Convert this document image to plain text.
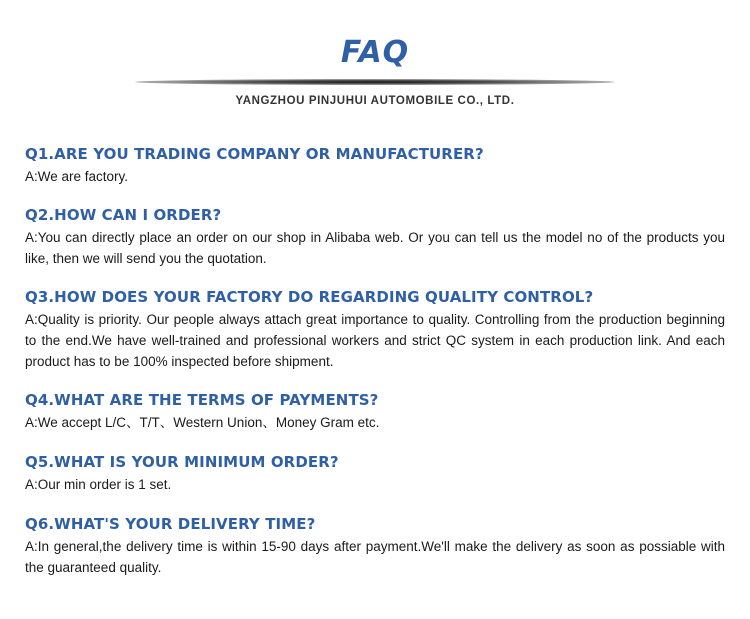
FAQ
YANGZHOU PINJUHUI AUTOMOBILE CO., LTD.
Q1.ARE YOU TRADING COMPANY OR MANUFACTURER?
A:We are factory.
Q2.HOW CAN I ORDER?
A:You can directly place an order on our shop in Alibaba web. Or you can tell us the model no of the products you like, then we will send you the quotation.
Q3.HOW DOES YOUR FACTORY DO REGARDING QUALITY CONTROL?
A:Quality is priority. Our people always attach great importance to quality. Controlling from the production beginning to the end.We have well-trained and professional workers and strict QC system in each production link. And each product has to be 100% inspected before shipment.
Q4.WHAT ARE THE TERMS OF PAYMENTS?
A:We accept L/C、T/T、Western Union、Money Gram etc.
Q5.WHAT IS YOUR MINIMUM ORDER?
A:Our min order is 1 set.
Q6.WHAT'S YOUR DELIVERY TIME?
A:In general,the delivery time is within 15-90 days after payment.We'll make the delivery as soon as possiable with the guaranteed quality.
